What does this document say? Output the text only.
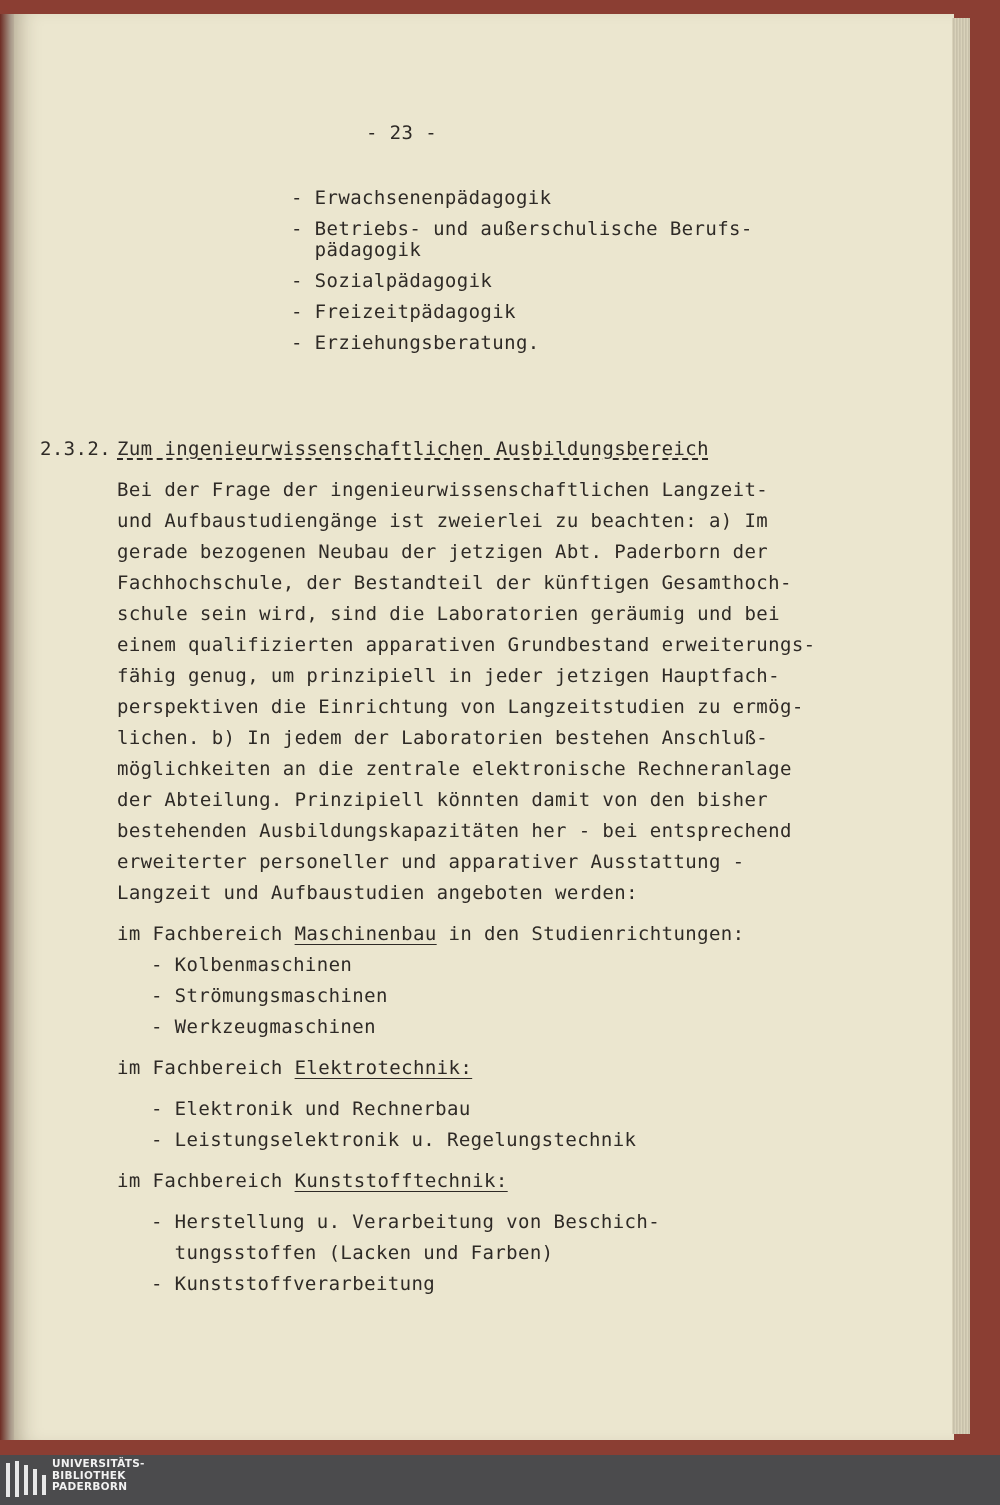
- 23 -
- Erwachsenenpädagogik
- Betriebs- und außerschulische Berufs-
pädagogik
- Sozialpädagogik
- Freizeitpädagogik
- Erziehungsberatung.
2.3.2. Zum ingenieurwissenschaftlichen Ausbildungsbereich
Bei der Frage der ingenieurwissenschaftlichen Langzeit-
und Aufbaustudiengänge ist zweierlei zu beachten: a) Im
gerade bezogenen Neubau der jetzigen Abt. Paderborn der
Fachhochschule, der Bestandteil der künftigen Gesamthoch-
schule sein wird, sind die Laboratorien geräumig und bei
einem qualifizierten apparativen Grundbestand erweiterungs-
fähig genug, um prinzipiell in jeder jetzigen Hauptfach-
perspektiven die Einrichtung von Langzeitstudien zu ermög-
lichen. b) In jedem der Laboratorien bestehen Anschluß-
möglichkeiten an die zentrale elektronische Rechneranlage
der Abteilung. Prinzipiell könnten damit von den bisher
bestehenden Ausbildungskapazitäten her - bei entsprechend
erweiterter personeller und apparativer Ausstattung -
Langzeit und Aufbaustudien angeboten werden:
im Fachbereich Maschinenbau in den Studienrichtungen:
- Kolbenmaschinen
- Strömungsmaschinen
- Werkzeugmaschinen
im Fachbereich Elektrotechnik:
- Elektronik und Rechnerbau
- Leistungselektronik u. Regelungstechnik
im Fachbereich Kunststofftechnik:
- Herstellung u. Verarbeitung von Beschich-
tungsstoffen (Lacken und Farben)
- Kunststoffverarbeitung
UNIVERSITÄTS-
BIBLIOTHEK
PADERBORN
